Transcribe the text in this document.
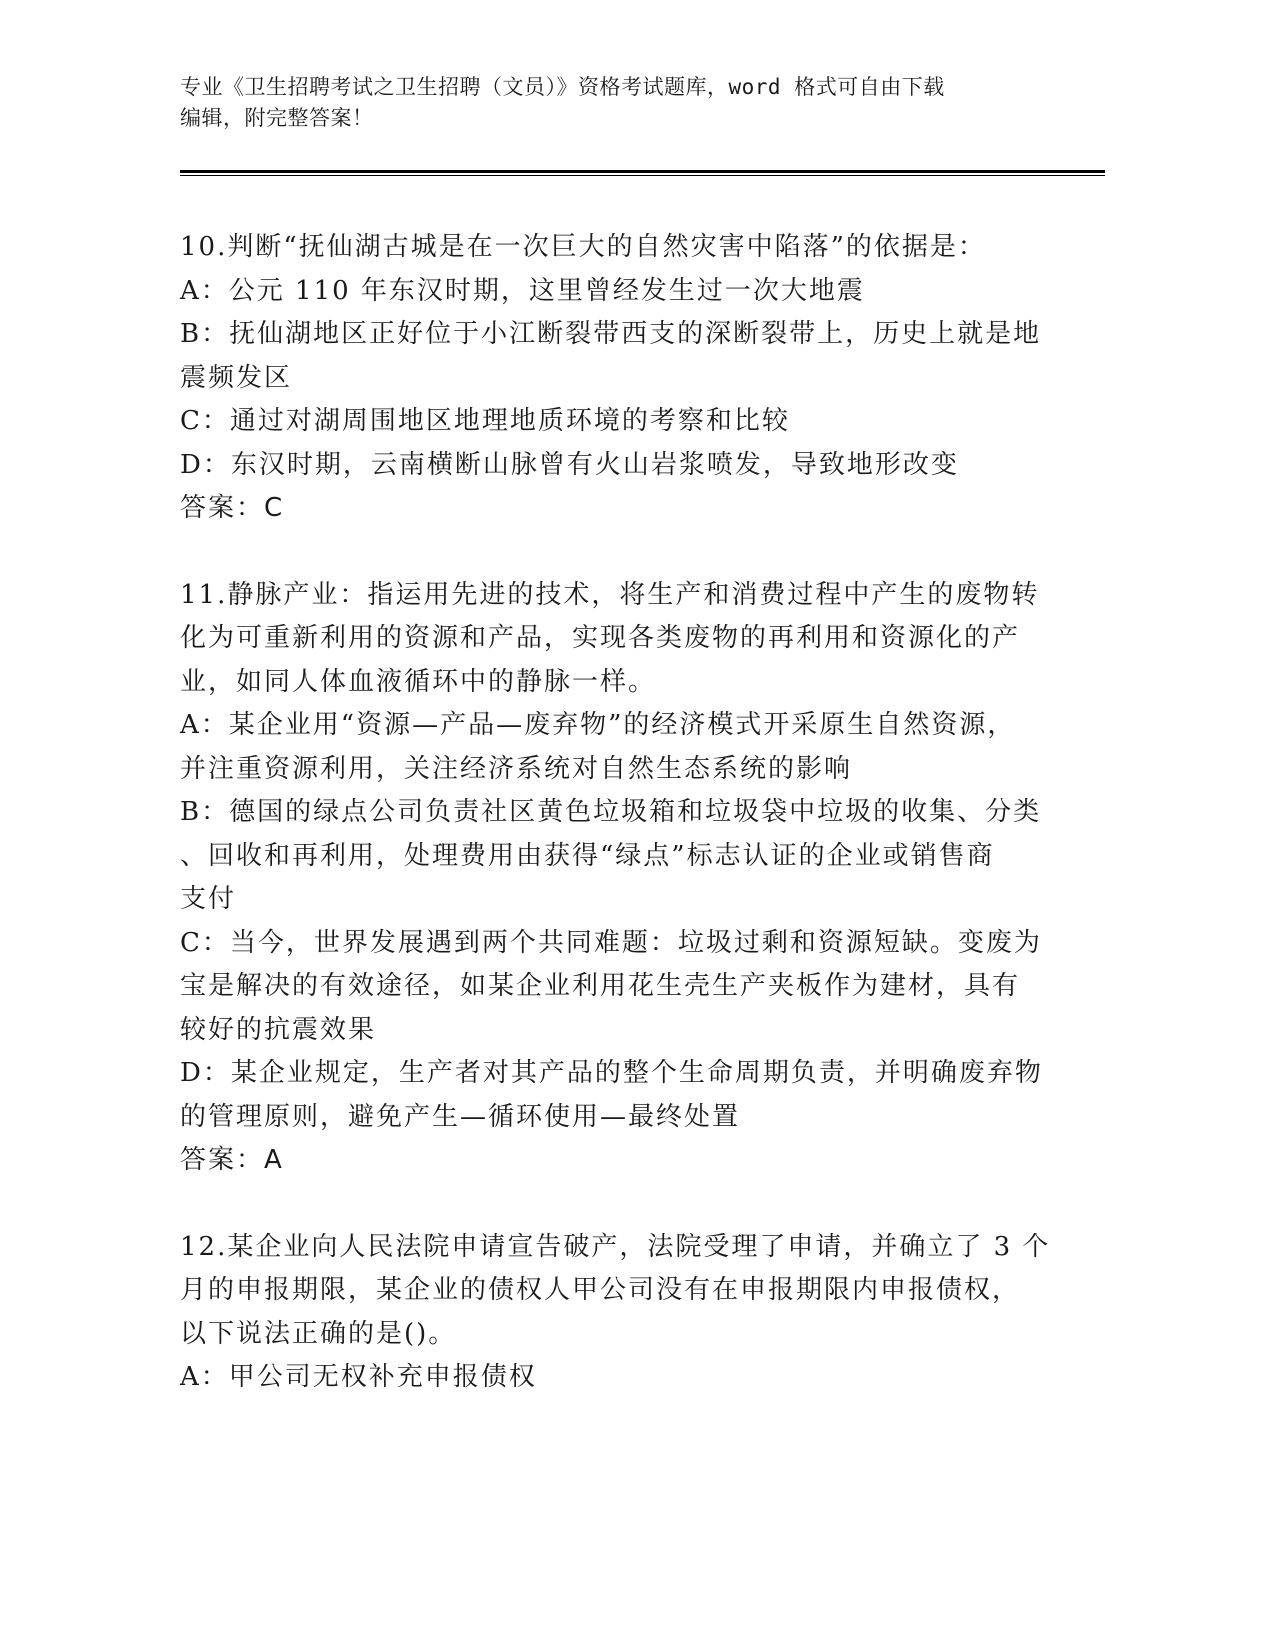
专业《卫生招聘考试之卫生招聘（文员）》资格考试题库，word 格式可自由下载
编辑，附完整答案！
10.判断“抚仙湖古城是在一次巨大的自然灾害中陷落”的依据是：
A：公元 110 年东汉时期，这里曾经发生过一次大地震
B：抚仙湖地区正好位于小江断裂带西支的深断裂带上，历史上就是地
震频发区
C：通过对湖周围地区地理地质环境的考察和比较
D：东汉时期，云南横断山脉曾有火山岩浆喷发，导致地形改变
答案：C
11.静脉产业：指运用先进的技术，将生产和消费过程中产生的废物转
化为可重新利用的资源和产品，实现各类废物的再利用和资源化的产
业，如同人体血液循环中的静脉一样。
A：某企业用“资源—产品—废弃物”的经济模式开采原生自然资源，
并注重资源利用，关注经济系统对自然生态系统的影响
B：德国的绿点公司负责社区黄色垃圾箱和垃圾袋中垃圾的收集、分类
、回收和再利用，处理费用由获得“绿点”标志认证的企业或销售商
支付
C：当今，世界发展遇到两个共同难题：垃圾过剩和资源短缺。变废为
宝是解决的有效途径，如某企业利用花生壳生产夹板作为建材，具有
较好的抗震效果
D：某企业规定，生产者对其产品的整个生命周期负责，并明确废弃物
的管理原则，避免产生—循环使用—最终处置
答案：A
12.某企业向人民法院申请宣告破产，法院受理了申请，并确立了 3 个
月的申报期限，某企业的债权人甲公司没有在申报期限内申报债权，
以下说法正确的是()。
A：甲公司无权补充申报债权
